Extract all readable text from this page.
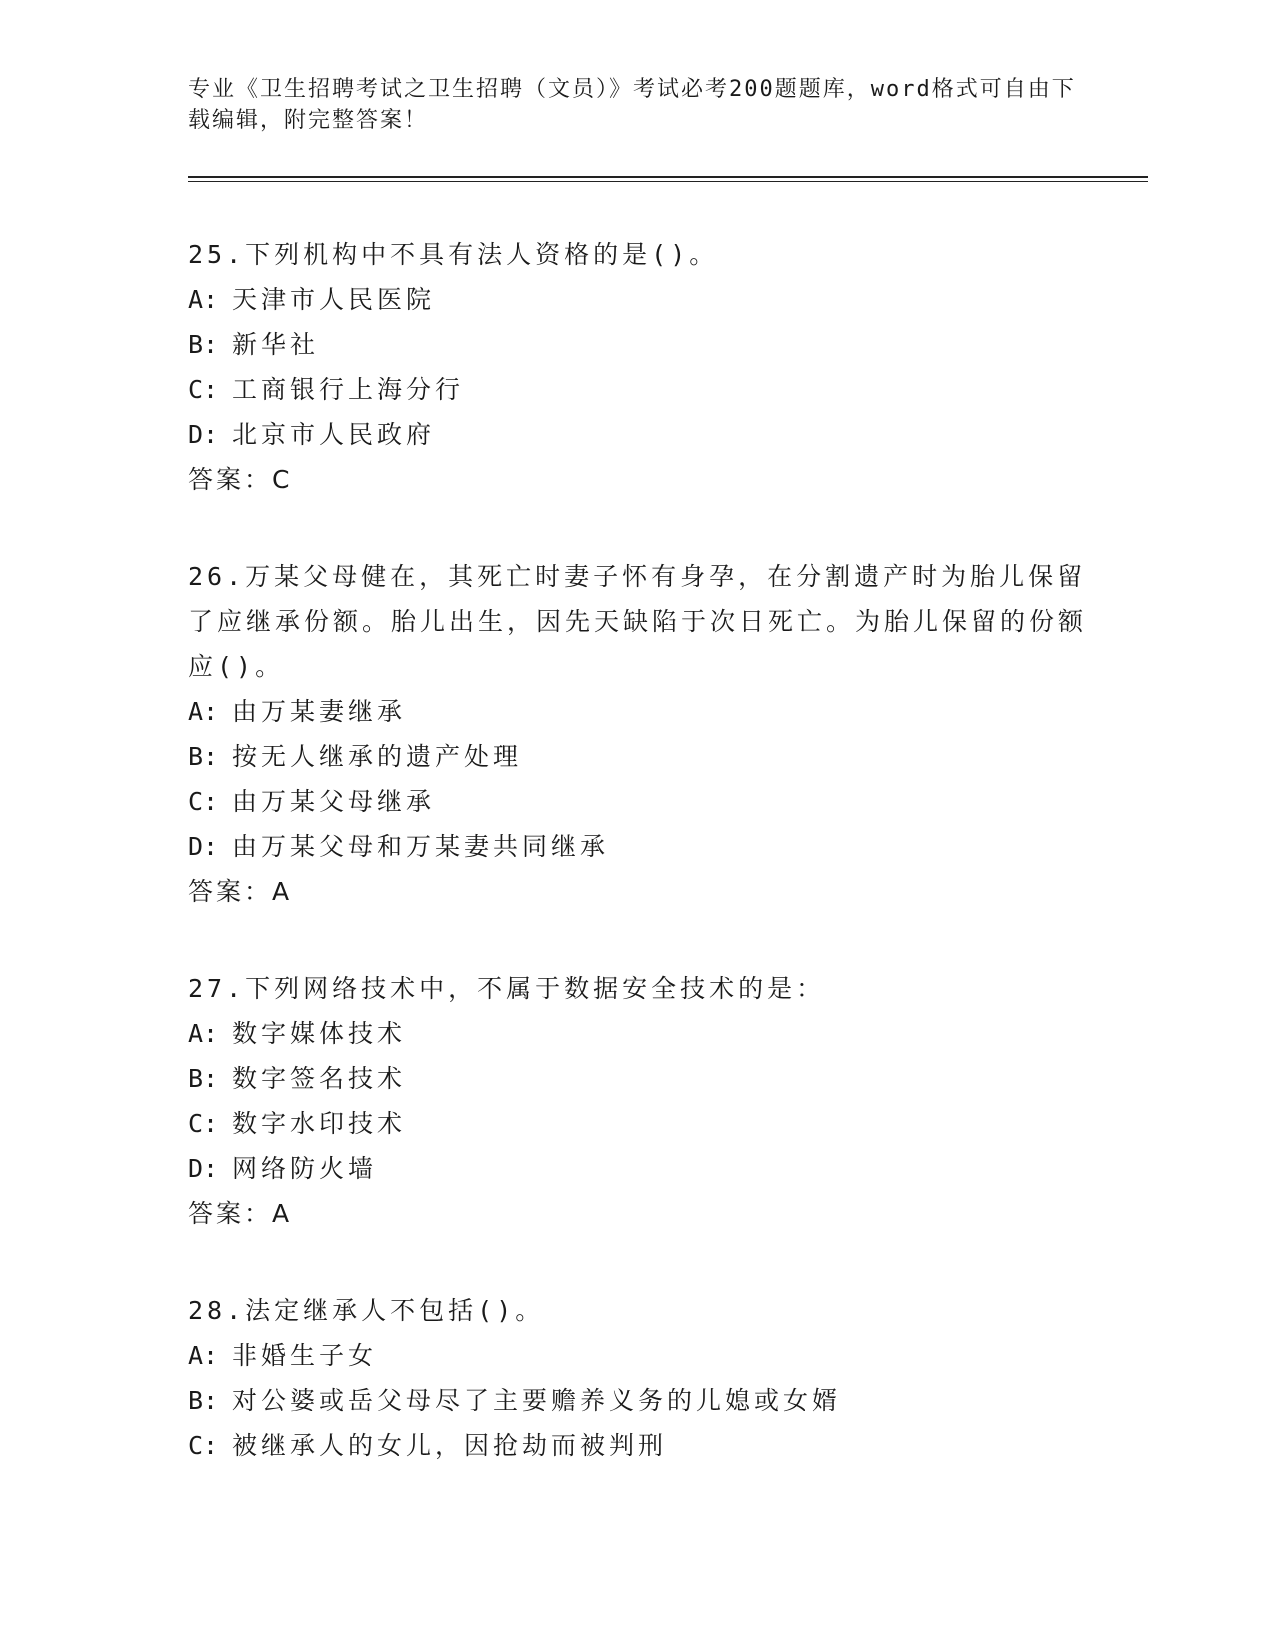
专业《卫生招聘考试之卫生招聘（文员）》考试必考200题题库，word格式可自由下载编辑，附完整答案！
25.下列机构中不具有法人资格的是()。
A: 天津市人民医院
B: 新华社
C: 工商银行上海分行
D: 北京市人民政府
答案：C
26.万某父母健在，其死亡时妻子怀有身孕，在分割遗产时为胎儿保留了应继承份额。胎儿出生，因先天缺陷于次日死亡。为胎儿保留的份额应()。
A: 由万某妻继承
B: 按无人继承的遗产处理
C: 由万某父母继承
D: 由万某父母和万某妻共同继承
答案：A
27.下列网络技术中，不属于数据安全技术的是：
A: 数字媒体技术
B: 数字签名技术
C: 数字水印技术
D: 网络防火墙
答案：A
28.法定继承人不包括()。
A: 非婚生子女
B: 对公婆或岳父母尽了主要赡养义务的儿媳或女婿
C: 被继承人的女儿，因抢劫而被判刑
